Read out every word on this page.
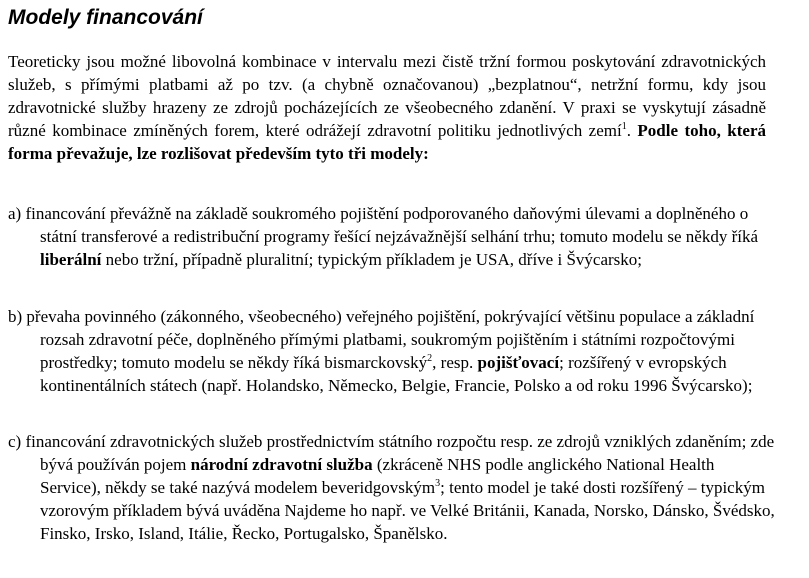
Modely financování

Teoreticky jsou možné libovolná kombinace v intervalu mezi čistě tržní formou poskytování zdravotnických služeb, s přímými platbami až po tzv. (a chybně označovanou) „bezplatnou“, netržní formu, kdy jsou zdravotnické služby hrazeny ze zdrojů pocházejících ze všeobecného zdanění. V praxi se vyskytují zásadně různé kombinace zmíněných forem, které odrážejí zdravotní politiku jednotlivých zemí$^1$. Podle toho, která forma převažuje, lze rozlišovat především tyto tři modely:

a) financování převážně na základě soukromého pojištění podporovaného daňovými úlevami a doplněného o státní transferové a redistribuční programy řešící nejzávažnější selhání trhu; tomuto modelu se někdy říká liberální nebo tržní, případně pluralitní; typickým příkladem je USA, dříve i Švýcarsko;

b) převaha povinného (zákonného, všeobecného) veřejného pojištění, pokrývající většinu populace a základní rozsah zdravotní péče, doplněného přímými platbami, soukromým pojištěním i státními rozpočtovými prostředky; tomuto modelu se někdy říká bismarckovský$^2$, resp. pojišťovací; rozšířený v evropských kontinentálních státech (např. Holandsko, Německo, Belgie, Francie, Polsko a od roku 1996 Švýcarsko);

c) financování zdravotnických služeb prostřednictvím státního rozpočtu resp. ze zdrojů vzniklých zdaněním; zde bývá používán pojem národní zdravotní služba (zkráceně NHS podle anglického National Health Service), někdy se také nazývá modelem beveridgovským$^3$; tento model je také dosti rozšířený – typickým vzorovým příkladem bývá uváděna Najdeme ho např. ve Velké Británii, Kanada, Norsko, Dánsko, Švédsko, Finsko, Irsko, Island, Itálie, Řecko, Portugalsko, Španělsko.
